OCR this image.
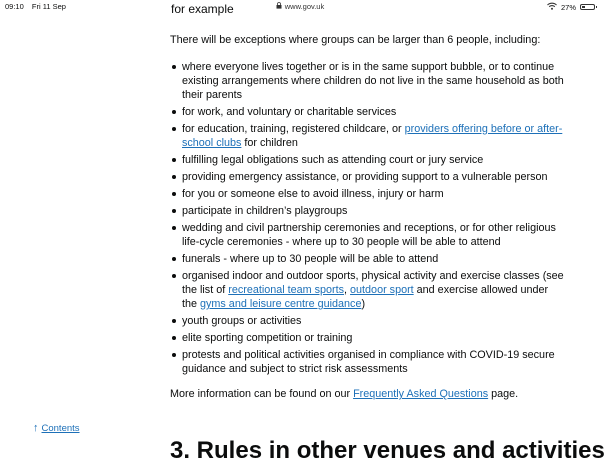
09:10 Fri 11 Sep	www.gov.uk	27%
for example

There will be exceptions where groups can be larger than 6 people, including:

where everyone lives together or is in the same support bubble, or to continue existing arrangements where children do not live in the same household as both their parents
for work, and voluntary or charitable services
for education, training, registered childcare, or providers offering before or after-school clubs for children
fulfilling legal obligations such as attending court or jury service
providing emergency assistance, or providing support to a vulnerable person
for you or someone else to avoid illness, injury or harm
participate in children’s playgroups
wedding and civil partnership ceremonies and receptions, or for other religious life-cycle ceremonies - where up to 30 people will be able to attend
funerals - where up to 30 people will be able to attend
organised indoor and outdoor sports, physical activity and exercise classes (see the list of recreational team sports, outdoor sport and exercise allowed under the gyms and leisure centre guidance)
youth groups or activities
elite sporting competition or training
protests and political activities organised in compliance with COVID-19 secure guidance and subject to strict risk assessments

More information can be found on our Frequently Asked Questions page.

↑ Contents
3. Rules in other venues and activities
